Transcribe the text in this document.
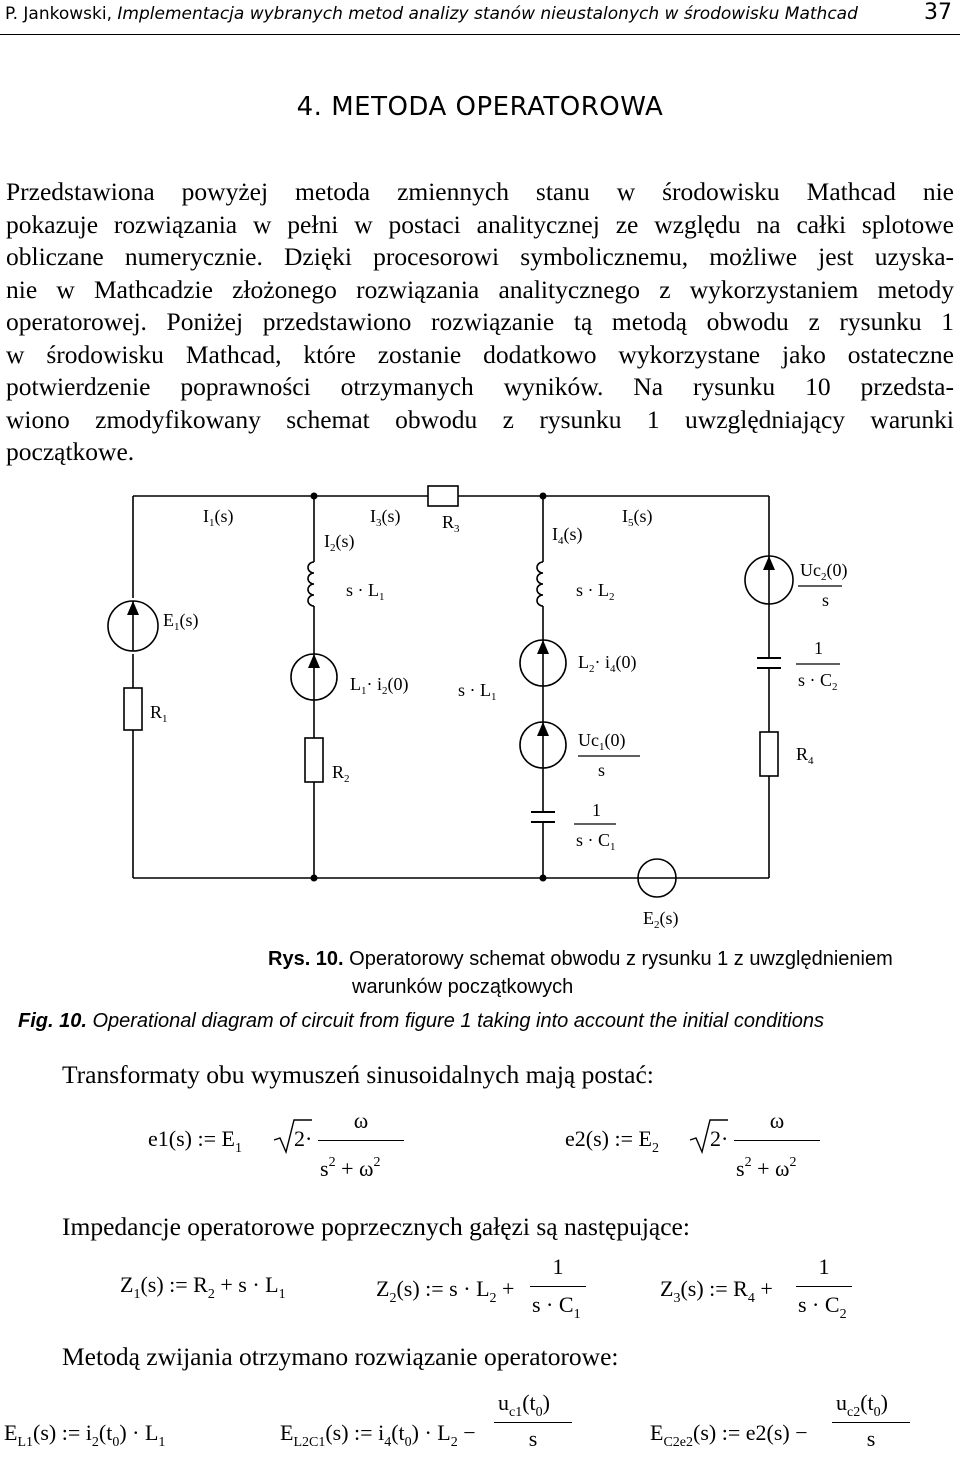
P. Jankowski, Implementacja wybranych metod analizy stanów nieustalonych w środowisku Mathcad	37
4. METODA OPERATOROWA
Przedstawiona powyżej metoda zmiennych stanu w środowisku Mathcad nie
pokazuje rozwiązania w pełni w postaci analitycznej ze względu na całki splotowe
obliczane numerycznie. Dzięki procesorowi symbolicznemu, możliwe jest uzyska-
nie w Mathcadzie złożonego rozwiązania analitycznego z wykorzystaniem metody
operatorowej. Poniżej przedstawiono rozwiązanie tą metodą obwodu z rysunku 1
w środowisku Mathcad, które zostanie dodatkowo wykorzystane jako ostateczne
potwierdzenie poprawności otrzymanych wyników. Na rysunku 10 przedsta-
wiono zmodyfikowany schemat obwodu z rysunku 1 uwzględniający warunki
początkowe.
$I_1(s)$
$I_2(s)$
$I_3(s)$ $R_3$	$I_4(s)$
$I_5(s)$
$E_1(s)$
$s \cdot L_1$	$s \cdot L_2$
$Uc_2(0)$
s
$R_1$
$L_1\cdot i_2(0)$	$s \cdot L_1$
$L_2\cdot i_4(0)$
1
$s \cdot C_2$
$R_2$
$Uc_1(0)$
s
$R_4$
1
$s \cdot C_1$
$E_2(s)$
Rys. 10. Operatorowy schemat obwodu z rysunku 1 z uwzględnieniem
warunków początkowych
Fig. 10. Operational diagram of circuit from figure 1 taking into account the initial conditions
Transformaty obu wymuszeń sinusoidalnych mają postać:
e1(s) := $E_1$ 2·
ω
$s^2 + \omega^2$
e2(s) := $E_2$ 2·
ω
$s^2 + \omega^2$
Impedancje operatorowe poprzecznych gałęzi są następujące:
$Z_1(s)$ := $R_2 + s \cdot L_1$	$Z_2(s)$ := $s \cdot L_2$ +
1
$s \cdot C_1$
$Z_3(s)$ := $R_4$ +
1
$s \cdot C_2$
Metodą zwijania otrzymano rozwiązanie operatorowe:
$E_{L1}(s)$ := $i_2(t_0) \cdot L_1$	$E_{L2C1}(s)$ := $i_4(t_0) \cdot L_2$ −
$u_{c1}(t_0)$
s	$E_{C2e2}(s)$ := e2(s) −
$u_{c2}(t_0)$
s
